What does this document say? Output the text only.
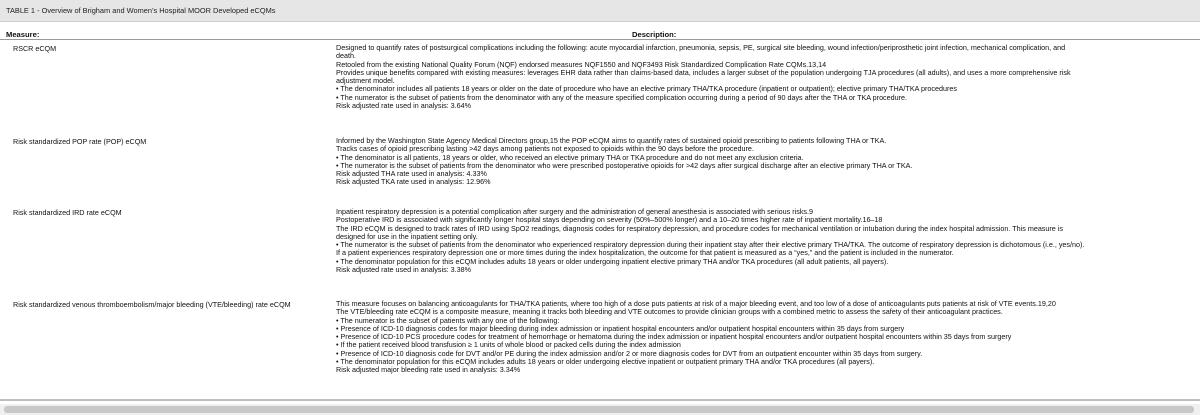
TABLE 1 - Overview of Brigham and Women’s Hospital MOOR Developed eCQMs
Measure:	Description:
RSCR eCQM	Designed to quantify rates of postsurgical complications including the following: acute myocardial infarction, pneumonia, sepsis, PE, surgical site bleeding, wound infection/periprosthetic joint infection, mechanical complication, and
death.
Retooled from the existing National Quality Forum (NQF) endorsed measures NQF1550 and NQF3493 Risk Standardized Complication Rate CQMs.13,14
Provides unique benefits compared with existing measures: leverages EHR data rather than claims-based data, includes a larger subset of the population undergoing TJA procedures (all adults), and uses a more comprehensive risk
adjustment model.
• The denominator includes all patients 18 years or older on the date of procedure who have an elective primary THA/TKA procedure (inpatient or outpatient); elective primary THA/TKA procedures
• The numerator is the subset of patients from the denominator with any of the measure specified complication occurring during a period of 90 days after the THA or TKA procedure.
Risk adjusted rate used in analysis: 3.64%
Risk standardized POP rate (POP) eCQM	Informed by the Washington State Agency Medical Directors group,15 the POP eCQM aims to quantify rates of sustained opioid prescribing to patients following THA or TKA.
Tracks cases of opioid prescribing lasting >42 days among patients not exposed to opioids within the 90 days before the procedure.
• The denominator is all patients, 18 years or older, who received an elective primary THA or TKA procedure and do not meet any exclusion criteria.
• The numerator is the subset of patients from the denominator who were prescribed postoperative opioids for >42 days after surgical discharge after an elective primary THA or TKA.
Risk adjusted THA rate used in analysis: 4.33%
Risk adjusted TKA rate used in analysis: 12.96%
Risk standardized IRD rate eCQM	Inpatient respiratory depression is a potential complication after surgery and the administration of general anesthesia is associated with serious risks.9
Postoperative IRD is associated with significantly longer hospital stays depending on severity (50%–500% longer) and a 10–20 times higher rate of inpatient mortality.16–18
The IRD eCQM is designed to track rates of IRD using SpO2 readings, diagnosis codes for respiratory depression, and procedure codes for mechanical ventilation or intubation during the index hospital admission. This measure is
designed for use in the inpatient setting only.
• The numerator is the subset of patients from the denominator who experienced respiratory depression during their inpatient stay after their elective primary THA/TKA. The outcome of respiratory depression is dichotomous (i.e., yes/no).
If a patient experiences respiratory depression one or more times during the index hospitalization, the outcome for that patient is measured as a “yes,” and the patient is included in the numerator.
• The denominator population for this eCQM includes adults 18 years or older undergoing inpatient elective primary THA and/or TKA procedures (all adult patients, all payers).
Risk adjusted rate used in analysis: 3.38%
Risk standardized venous thromboembolism/major bleeding (VTE/bleeding) rate eCQM	This measure focuses on balancing anticoagulants for THA/TKA patients, where too high of a dose puts patients at risk of a major bleeding event, and too low of a dose of anticoagulants puts patients at risk of VTE events.19,20
The VTE/bleeding rate eCQM is a composite measure, meaning it tracks both bleeding and VTE outcomes to provide clinician groups with a combined metric to assess the safety of their anticoagulant practices.
• The numerator is the subset of patients with any one of the following:
• Presence of ICD-10 diagnosis codes for major bleeding during index admission or inpatient hospital encounters and/or outpatient hospital encounters within 35 days from surgery
• Presence of ICD-10 PCS procedure codes for treatment of hemorrhage or hematoma during the index admission or inpatient hospital encounters and/or outpatient hospital encounters within 35 days from surgery
• If the patient received blood transfusion ≥ 1 units of whole blood or packed cells during the index admission
• Presence of ICD-10 diagnosis code for DVT and/or PE during the index admission and/or 2 or more diagnosis codes for DVT from an outpatient encounter within 35 days from surgery.
• The denominator population for this eCQM includes adults 18 years or older undergoing elective inpatient or outpatient primary THA and/or TKA procedures (all payers).
Risk adjusted major bleeding rate used in analysis: 3.34%
